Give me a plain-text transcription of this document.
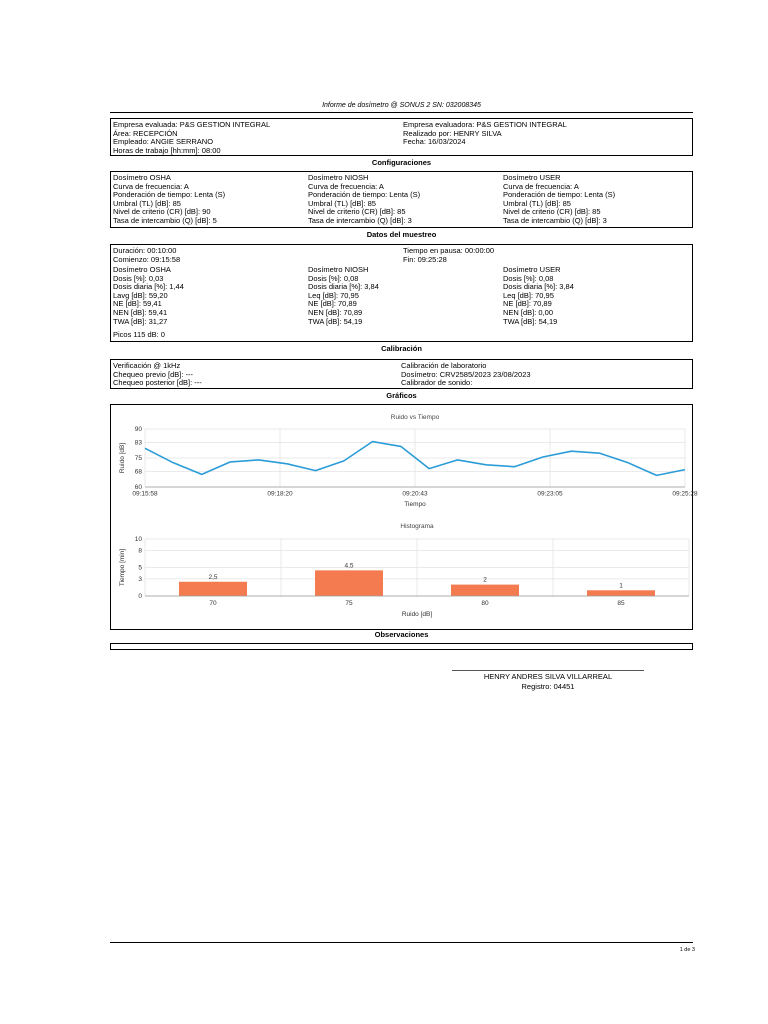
Informe de dosímetro @ SONUS 2 SN: 032008345
Empresa evaluada: P&S GESTION INTEGRAL
Área: RECEPCIÓN
Empleado: ANGIE SERRANO
Horas de trabajo [hh:mm]: 08:00
Empresa evaluadora: P&S GESTION INTEGRAL
Realizado por: HENRY SILVA
Fecha: 16/03/2024
Configuraciones
Dosímetro OSHA
Curva de frecuencia: A
Ponderación de tiempo: Lenta (S)
Umbral (TL) [dB]: 85
Nivel de criterio (CR) [dB]: 90
Tasa de intercambio (Q) [dB]: 5
Dosímetro NIOSH
Curva de frecuencia: A
Ponderación de tiempo: Lenta (S)
Umbral (TL) [dB]: 85
Nivel de criterio (CR) [dB]: 85
Tasa de intercambio (Q) [dB]: 3
Dosímetro USER
Curva de frecuencia: A
Ponderación de tiempo: Lenta (S)
Umbral (TL) [dB]: 85
Nivel de criterio (CR) [dB]: 85
Tasa de intercambio (Q) [dB]: 3
Datos del muestreo
Duración: 00:10:00
Comienzo: 09:15:58
Tiempo en pausa: 00:00:00
Fin: 09:25:28
Dosímetro OSHA
Dosis [%]: 0,03
Dosis diaria [%]: 1,44
Lavg [dB]: 59,20
NE [dB]: 59,41
NEN [dB]: 59,41
TWA [dB]: 31,27
Dosímetro NIOSH
Dosis [%]: 0,08
Dosis diaria [%]: 3,84
Leq [dB]: 70,95
NE [dB]: 70,89
NEN [dB]: 70,89
TWA [dB]: 54,19
Dosímetro USER
Dosis [%]: 0,08
Dosis diaria [%]: 3,84
Leq [dB]: 70,95
NE [dB]: 70,89
NEN [dB]: 0,00
TWA [dB]: 54,19
Picos 115 dB: 0
Calibración
Verificación @ 1kHz
Chequeo previo [dB]: ---
Chequeo posterior [dB]: ---
Calibración de laboratorio
Dosímetro: CRV2585/2023 23/08/2023
Calibrador de sonido:
Gráficos
Ruido vs Tiempo
60
68
75
83
90
09:15:58	09:18:20	09:20:43	09:23:05	09:25:28
Tiempo
Ruido [dB]
Histograma
0
3
5
8
10
2,5
70
4,5
75
2
80
1
85
Ruido [dB]
Tiempo [min]
Observaciones
HENRY ANDRES SILVA VILLARREAL
Registro: 04451
1 de 3
